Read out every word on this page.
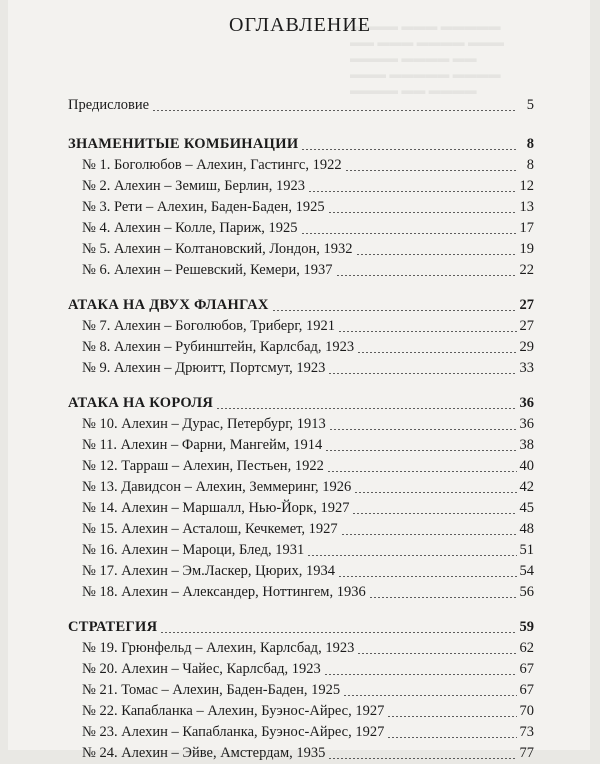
▬▬▬▬ ▬▬▬ ▬▬▬▬▬
▬▬ ▬▬▬ ▬▬▬▬ ▬▬▬
▬▬▬▬ ▬▬▬▬ ▬▬
▬▬▬ ▬▬▬▬▬ ▬▬▬▬
▬▬▬▬ ▬▬ ▬▬▬▬
ОГЛАВЛЕНИЕ
Предисловие	5
ЗНАМЕНИТЫЕ КОМБИНАЦИИ	8
№ 1. Боголюбов – Алехин, Гастингс, 1922	8
№ 2. Алехин – Земиш, Берлин, 1923	12
№ 3. Рети – Алехин, Баден-Баден, 1925	13
№ 4. Алехин – Колле, Париж, 1925	17
№ 5. Алехин – Колтановский, Лондон, 1932	19
№ 6. Алехин – Решевский, Кемери, 1937	22
АТАКА НА ДВУХ ФЛАНГАХ	27
№ 7. Алехин – Боголюбов, Триберг, 1921	27
№ 8. Алехин – Рубинштейн, Карлсбад, 1923	29
№ 9. Алехин – Дрюитт, Портсмут, 1923	33
АТАКА НА КОРОЛЯ	36
№ 10. Алехин – Дурас, Петербург, 1913	36
№ 11. Алехин – Фарни, Мангейм, 1914	38
№ 12. Тарраш – Алехин, Пестьен, 1922	40
№ 13. Давидсон – Алехин, Земмеринг, 1926	42
№ 14. Алехин – Маршалл, Нью-Йорк, 1927	45
№ 15. Алехин – Асталош, Кечкемет, 1927	48
№ 16. Алехин – Мароци, Блед, 1931	51
№ 17. Алехин – Эм.Ласкер, Цюрих, 1934	54
№ 18. Алехин – Александер, Ноттингем, 1936	56
СТРАТЕГИЯ	59
№ 19. Грюнфельд – Алехин, Карлсбад, 1923	62
№ 20. Алехин – Чайес, Карлсбад, 1923	67
№ 21. Томас – Алехин, Баден-Баден, 1925	67
№ 22. Капабланка – Алехин, Буэнос-Айрес, 1927	70
№ 23. Алехин – Капабланка, Буэнос-Айрес, 1927	73
№ 24. Алехин – Эйве, Амстердам, 1935	77
